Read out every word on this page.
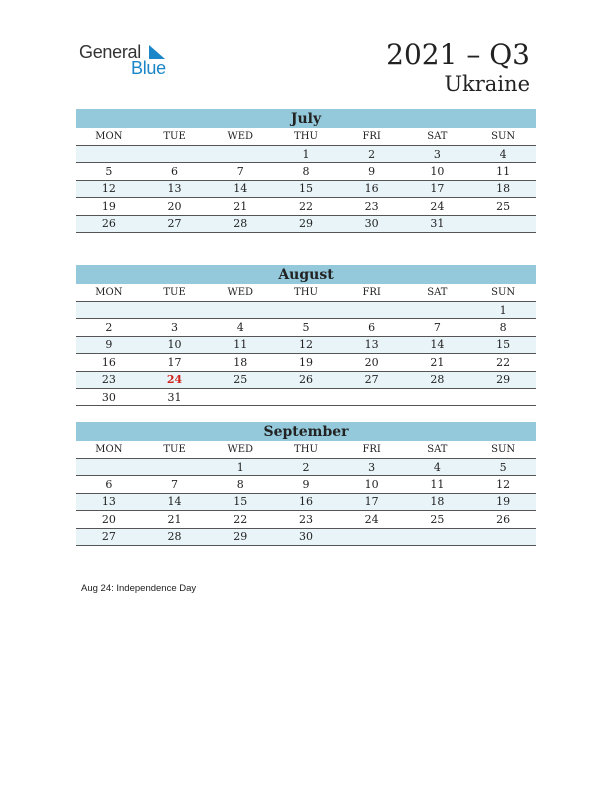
General
Blue	2021 – Q3
Ukraine
July
MON	TUE	WED	THU	FRI	SAT	SUN
			1	2	3	4
5	6	7	8	9	10	11
12	13	14	15	16	17	18
19	20	21	22	23	24	25
26	27	28	29	30	31	
August
MON	TUE	WED	THU	FRI	SAT	SUN
						1
2	3	4	5	6	7	8
9	10	11	12	13	14	15
16	17	18	19	20	21	22
23	24	25	26	27	28	29
30	31					
September
MON	TUE	WED	THU	FRI	SAT	SUN
		1	2	3	4	5
6	7	8	9	10	11	12
13	14	15	16	17	18	19
20	21	22	23	24	25	26
27	28	29	30			
Aug 24: Independence Day
